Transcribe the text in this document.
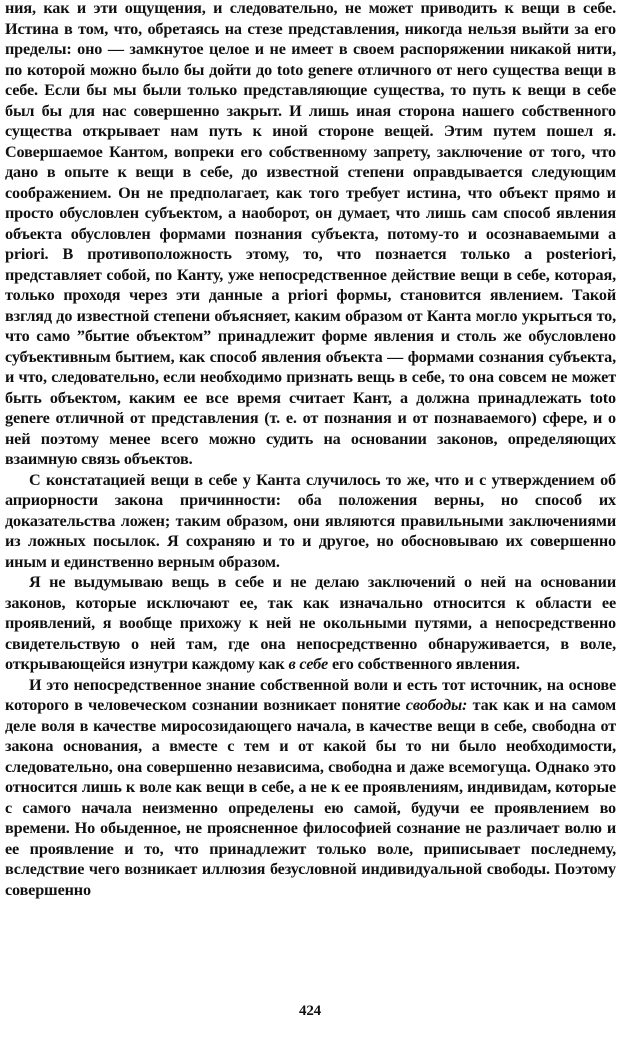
ния, как и эти ощущения, и следовательно, не может приводить к вещи в себе. Истина в том, что, обретаясь на стезе представления, никогда нельзя выйти за его пределы: оно — замкнутое целое и не имеет в своем распоряжении никакой нити, по которой можно было бы дойти до toto genere отличного от него существа вещи в себе. Если бы мы были только представляющие существа, то путь к вещи в себе был бы для нас совершенно закрыт. И лишь иная сторона нашего собственного существа открывает нам путь к иной стороне вещей. Этим путем пошел я. Совершаемое Кантом, вопреки его собственному запрету, заключение от того, что дано в опыте к вещи в себе, до известной степени оправдывается следующим соображением. Он не предполагает, как того требует истина, что объект прямо и просто обусловлен субъектом, а наоборот, он думает, что лишь сам способ явления объекта обусловлен формами познания субъекта, потому-то и осознаваемыми a priori. В противоположность этому, то, что познается только a posteriori, представляет собой, по Канту, уже непосредственное действие вещи в себе, которая, только проходя через эти данные a priori формы, становится явлением. Такой взгляд до известной степени объясняет, каким образом от Канта могло укрыться то, что само ”бытие объектом” принадлежит форме явления и столь же обусловлено субъективным бытием, как способ явления объекта — формами сознания субъекта, и что, следовательно, если необходимо признать вещь в себе, то она совсем не может быть объектом, каким ее все время считает Кант, а должна принадлежать toto genere отличной от представления (т. е. от познания и от познаваемого) сфере, и о ней поэтому менее всего можно судить на основании законов, определяющих взаимную связь объектов.

С констатацией вещи в себе у Канта случилось то же, что и с утверждением об априорности закона причинности: оба положения верны, но способ их доказательства ложен; таким образом, они являются правильными заключениями из ложных посылок. Я сохраняю и то и другое, но обосновываю их совершенно иным и единственно верным образом.

Я не выдумываю вещь в себе и не делаю заключений о ней на основании законов, которые исключают ее, так как изначально относится к области ее проявлений, я вообще прихожу к ней не окольными путями, а непосредственно свидетельствую о ней там, где она непосредственно обнаруживается, в воле, открывающейся изнутри каждому как в себе его собственного явления.

И это непосредственное знание собственной воли и есть тот источник, на основе которого в человеческом сознании возникает понятие свободы: так как и на самом деле воля в качестве миросозидающего начала, в качестве вещи в себе, свободна от закона основания, а вместе с тем и от какой бы то ни было необходимости, следовательно, она совершенно независима, свободна и даже всемогуща. Однако это относится лишь к воле как вещи в себе, а не к ее проявлениям, индивидам, которые с самого начала неизменно определены ею самой, будучи ее проявлением во времени. Но обыденное, не проясненное философией сознание не различает волю и ее проявление и то, что принадлежит только воле, приписывает последнему, вследствие чего возникает иллюзия безусловной индивидуальной свободы. Поэтому совершенно

424
